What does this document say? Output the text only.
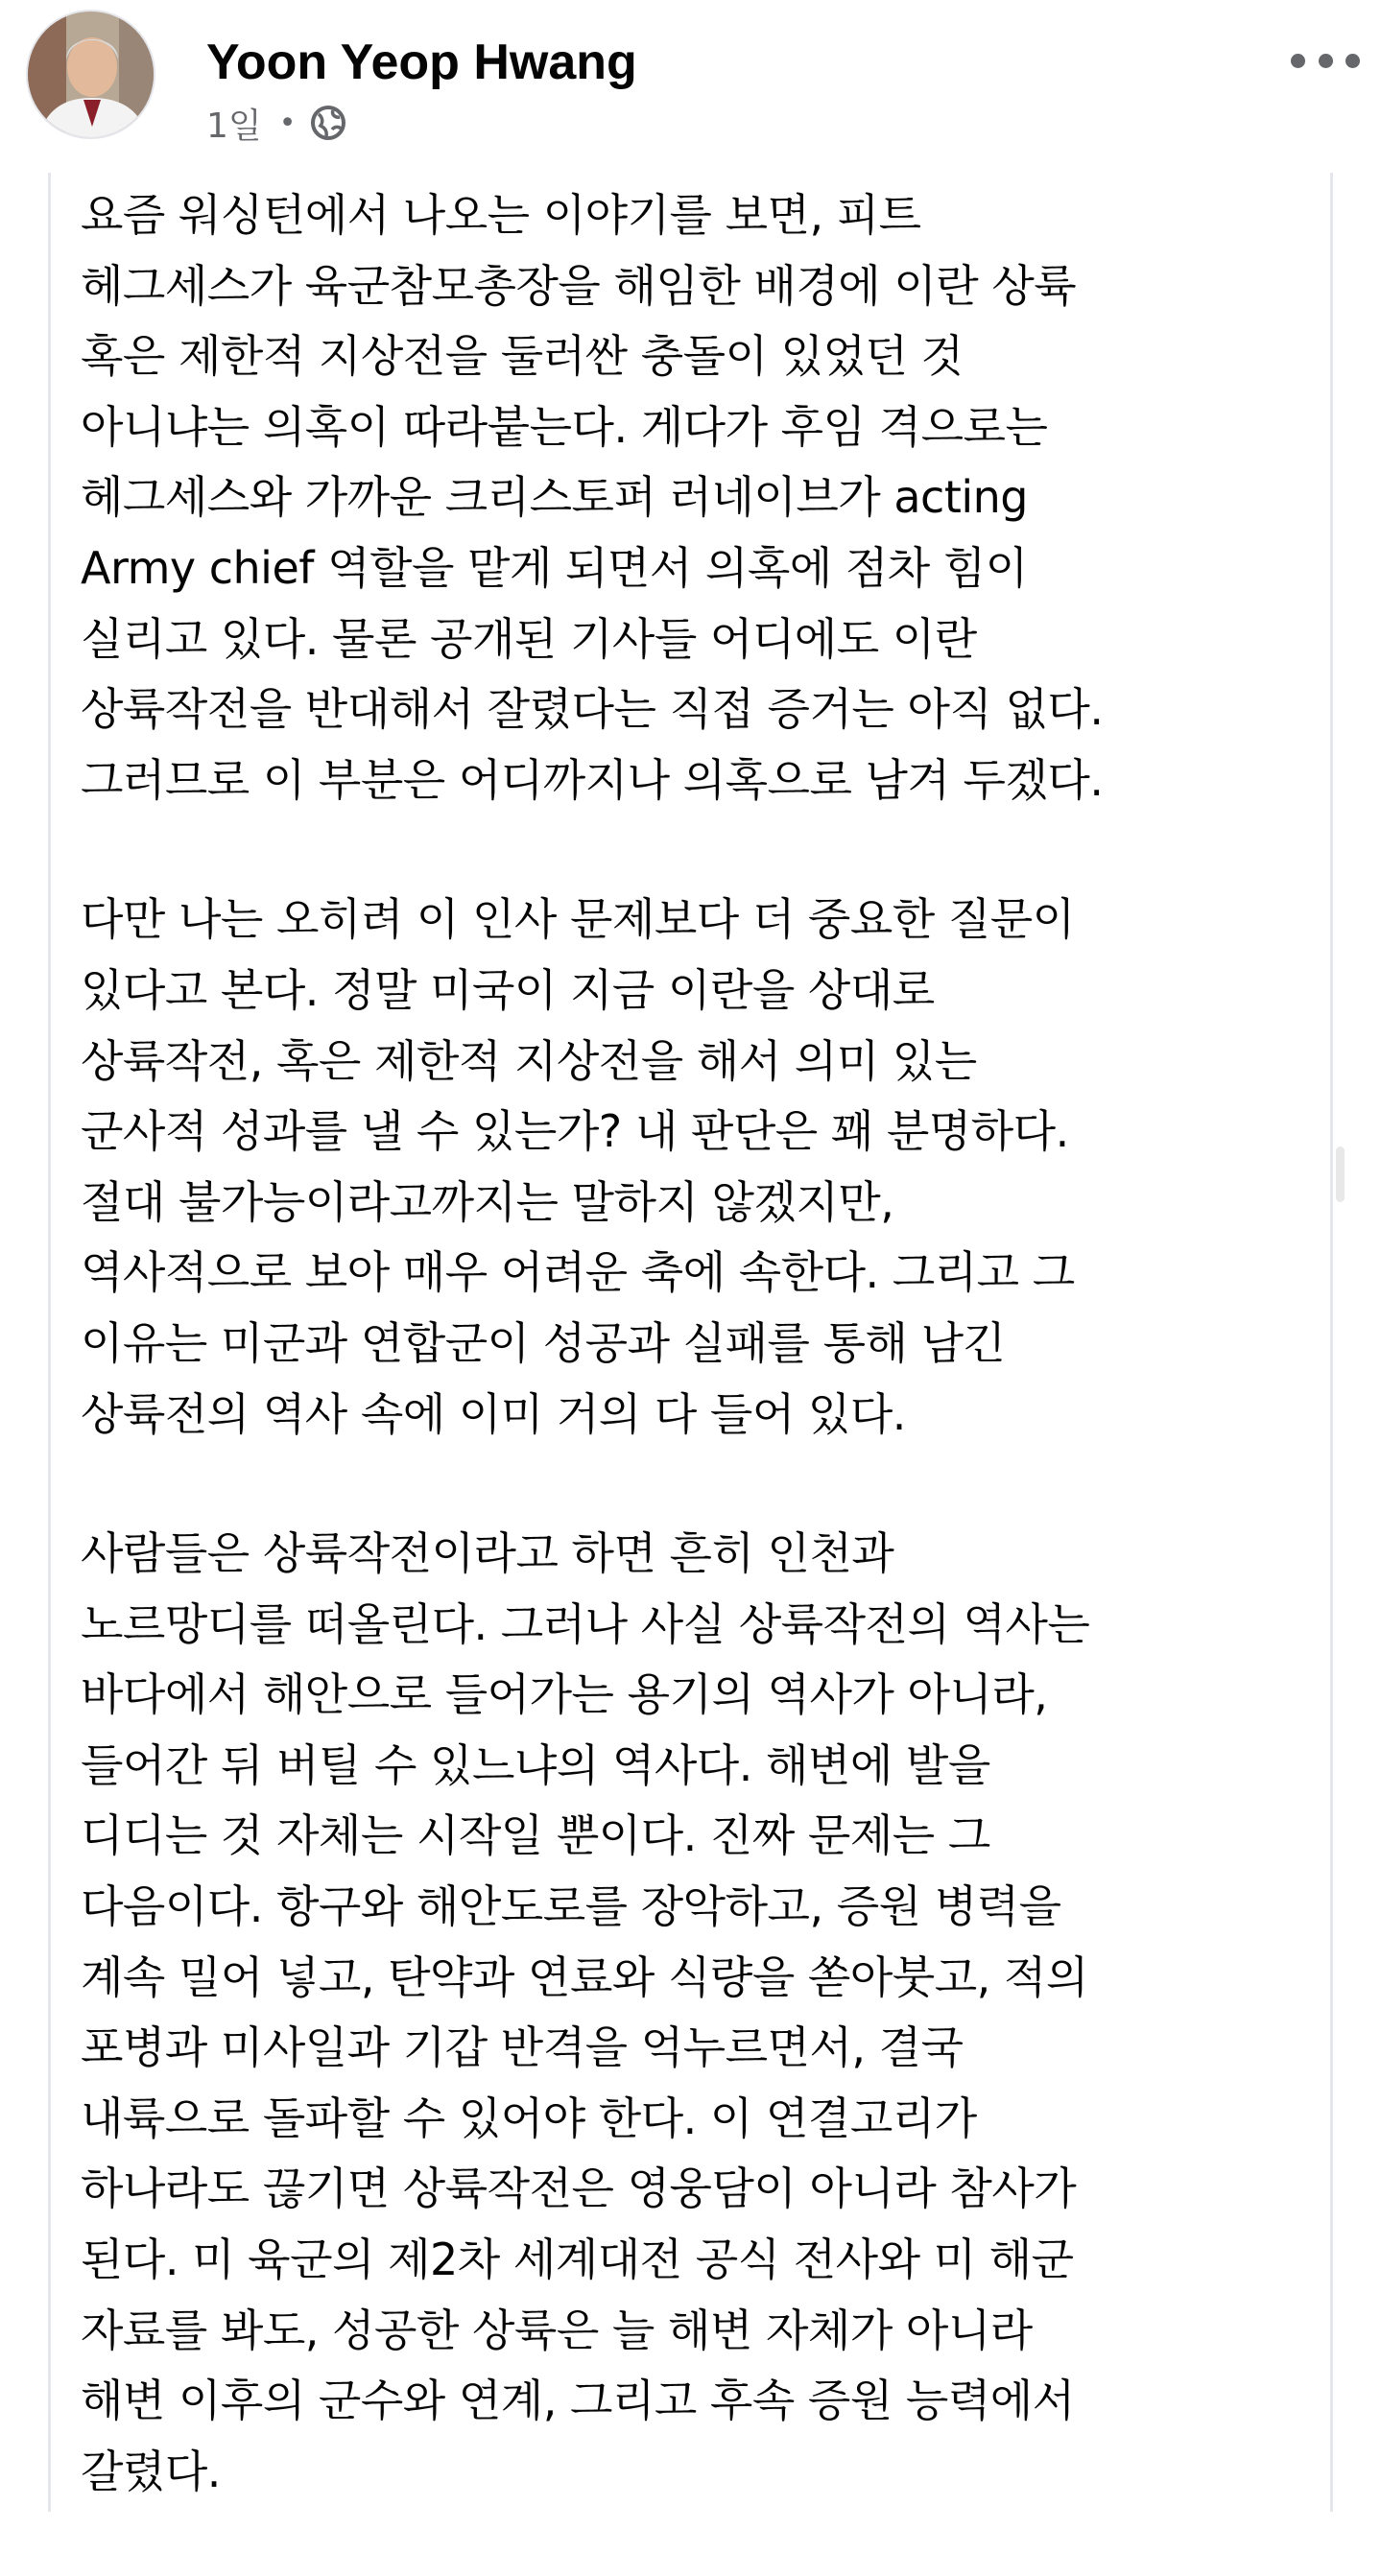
Yoon Yeop Hwang
1일 •
요즘 워싱턴에서 나오는 이야기를 보면, 피트
헤그세스가 육군참모총장을 해임한 배경에 이란 상륙
혹은 제한적 지상전을 둘러싼 충돌이 있었던 것
아니냐는 의혹이 따라붙는다. 게다가 후임 격으로는
헤그세스와 가까운 크리스토퍼 러네이브가 acting
Army chief 역할을 맡게 되면서 의혹에 점차 힘이
실리고 있다. 물론 공개된 기사들 어디에도 이란
상륙작전을 반대해서 잘렸다는 직접 증거는 아직 없다.
그러므로 이 부분은 어디까지나 의혹으로 남겨 두겠다.
다만 나는 오히려 이 인사 문제보다 더 중요한 질문이
있다고 본다. 정말 미국이 지금 이란을 상대로
상륙작전, 혹은 제한적 지상전을 해서 의미 있는
군사적 성과를 낼 수 있는가? 내 판단은 꽤 분명하다.
절대 불가능이라고까지는 말하지 않겠지만,
역사적으로 보아 매우 어려운 축에 속한다. 그리고 그
이유는 미군과 연합군이 성공과 실패를 통해 남긴
상륙전의 역사 속에 이미 거의 다 들어 있다.
사람들은 상륙작전이라고 하면 흔히 인천과
노르망디를 떠올린다. 그러나 사실 상륙작전의 역사는
바다에서 해안으로 들어가는 용기의 역사가 아니라,
들어간 뒤 버틸 수 있느냐의 역사다. 해변에 발을
디디는 것 자체는 시작일 뿐이다. 진짜 문제는 그
다음이다. 항구와 해안도로를 장악하고, 증원 병력을
계속 밀어 넣고, 탄약과 연료와 식량을 쏟아붓고, 적의
포병과 미사일과 기갑 반격을 억누르면서, 결국
내륙으로 돌파할 수 있어야 한다. 이 연결고리가
하나라도 끊기면 상륙작전은 영웅담이 아니라 참사가
된다. 미 육군의 제2차 세계대전 공식 전사와 미 해군
자료를 봐도, 성공한 상륙은 늘 해변 자체가 아니라
해변 이후의 군수와 연계, 그리고 후속 증원 능력에서
갈렸다.
